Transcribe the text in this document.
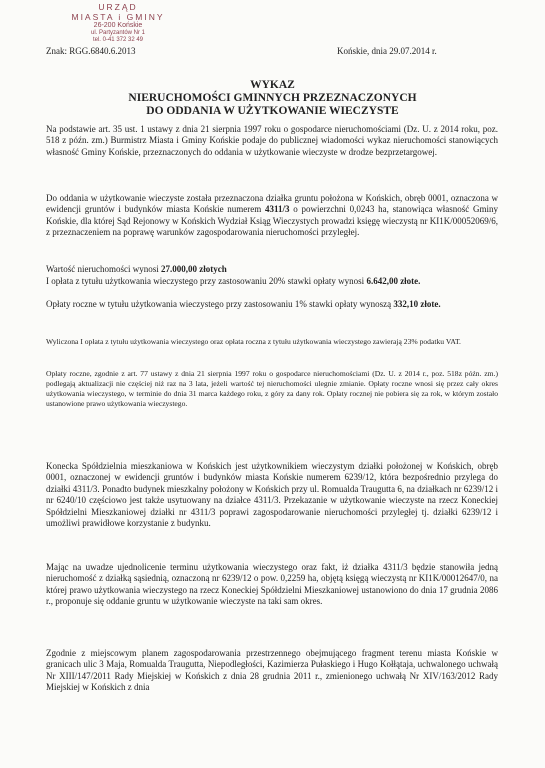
URZĄD
MIASTA i GMINY
26-200 Końskie
ul. Partyzantów Nr 1
tel. 0-41 372 32 49
Znak: RGG.6840.6.2013	Końskie, dnia 29.07.2014 r.
WYKAZ
NIERUCHOMOŚCI GMINNYCH PRZEZNACZONYCH
DO ODDANIA W UŻYTKOWANIE WIECZYSTE

Na podstawie art. 35 ust. 1 ustawy z dnia 21 sierpnia 1997 roku o gospodarce nieruchomościami (Dz. U. z 2014 roku, poz. 518 z późn. zm.) Burmistrz Miasta i Gminy Końskie podaje do publicznej wiadomości wykaz nieruchomości stanowiących własność Gminy Końskie, przeznaczonych do oddania w użytkowanie wieczyste w drodze bezprzetargowej.

Do oddania w użytkowanie wieczyste została przeznaczona działka gruntu położona w Końskich, obręb 0001, oznaczona w ewidencji gruntów i budynków miasta Końskie numerem 4311/3 o powierzchni 0,0243 ha, stanowiąca własność Gminy Końskie, dla której Sąd Rejonowy w Końskich Wydział Ksiąg Wieczystych prowadzi księgę wieczystą nr KI1K/00052069/6, z przeznaczeniem na poprawę warunków zagospodarowania nieruchomości przyległej.

Wartość nieruchomości wynosi 27.000,00 złotych

I opłata z tytułu użytkowania wieczystego przy zastosowaniu 20% stawki opłaty wynosi 6.642,00 złote.

Opłaty roczne w tytułu użytkowania wieczystego przy zastosowaniu 1% stawki opłaty wynoszą 332,10 złote.

Wyliczona I opłata z tytułu użytkowania wieczystego oraz opłata roczna z tytułu użytkowania wieczystego zawierają 23% podatku VAT.

Opłaty roczne, zgodnie z art. 77 ustawy z dnia 21 sierpnia 1997 roku o gospodarce nieruchomościami (Dz. U. z 2014 r., poz. 518z późn. zm.) podlegają aktualizacji nie częściej niż raz na 3 lata, jeżeli wartość tej nieruchomości ulegnie zmianie. Opłaty roczne wnosi się przez cały okres użytkowania wieczystego, w terminie do dnia 31 marca każdego roku, z góry za dany rok. Opłaty rocznej nie pobiera się za rok, w którym zostało ustanowione prawo użytkowania wieczystego.

Konecka Spółdzielnia mieszkaniowa w Końskich jest użytkownikiem wieczystym działki położonej w Końskich, obręb 0001, oznaczonej w ewidencji gruntów i budynków miasta Końskie numerem 6239/12, która bezpośrednio przylega do działki 4311/3. Ponadto budynek mieszkalny położony w Końskich przy ul. Romualda Traugutta 6, na działkach nr 6239/12 i nr 6240/10 częściowo jest także usytuowany na działce 4311/3. Przekazanie w użytkowanie wieczyste na rzecz Koneckiej Spółdzielni Mieszkaniowej działki nr 4311/3 poprawi zagospodarowanie nieruchomości przyległej tj. działki 6239/12 i umożliwi prawidłowe korzystanie z budynku.

Mając na uwadze ujednolicenie terminu użytkowania wieczystego oraz fakt, iż działka 4311/3 będzie stanowiła jedną nieruchomość z działką sąsiednią, oznaczoną nr 6239/12 o pow. 0,2259 ha, objętą księgą wieczystą nr KI1K/00012647/0, na której prawo użytkowania wieczystego na rzecz Koneckiej Spółdzielni Mieszkaniowej ustanowiono do dnia 17 grudnia 2086 r., proponuje się oddanie gruntu w użytkowanie wieczyste na taki sam okres.

Zgodnie z miejscowym planem zagospodarowania przestrzennego obejmującego fragment terenu miasta Końskie w granicach ulic 3 Maja, Romualda Traugutta, Niepodległości, Kazimierza Pułaskiego i Hugo Kołłątaja, uchwalonego uchwałą Nr XIII/147/2011 Rady Miejskiej w Końskich z dnia 28 grudnia 2011 r., zmienionego uchwałą Nr XIV/163/2012 Rady Miejskiej w Końskich z dnia
